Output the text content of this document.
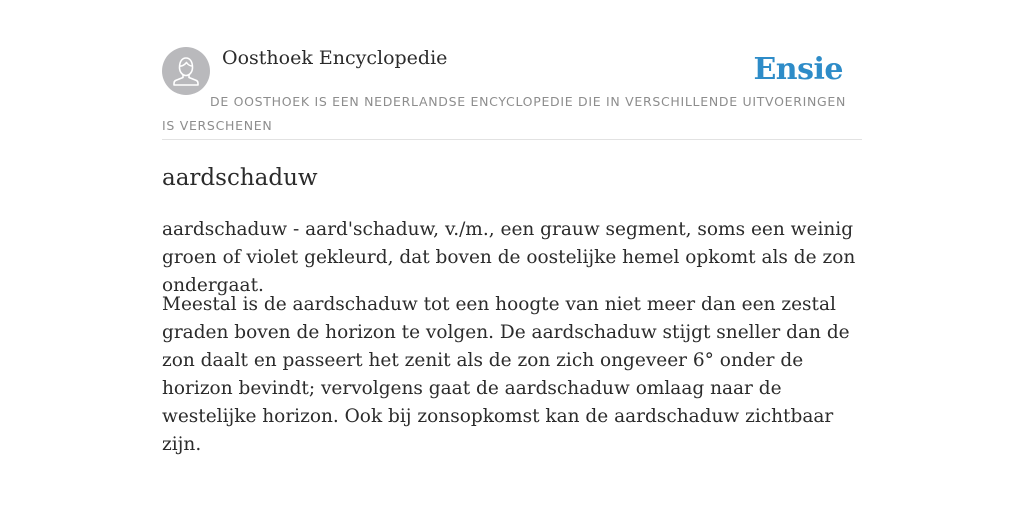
Oosthoek Encyclopedie	Ensie
DE OOSTHOEK IS EEN NEDERLANDSE ENCYCLOPEDIE DIE IN VERSCHILLENDE UITVOERINGEN IS VERSCHENEN
aardschaduw

aardschaduw - aard'schaduw, v./m., een grauw segment, soms een weinig groen of violet gekleurd, dat boven de oostelijke hemel opkomt als de zon ondergaat.

Meestal is de aardschaduw tot een hoogte van niet meer dan een zestal graden boven de horizon te volgen. De aardschaduw stijgt sneller dan de zon daalt en passeert het zenit als de zon zich ongeveer 6° onder de horizon bevindt; vervolgens gaat de aardschaduw omlaag naar de westelijke horizon. Ook bij zonsopkomst kan de aardschaduw zichtbaar zijn.
